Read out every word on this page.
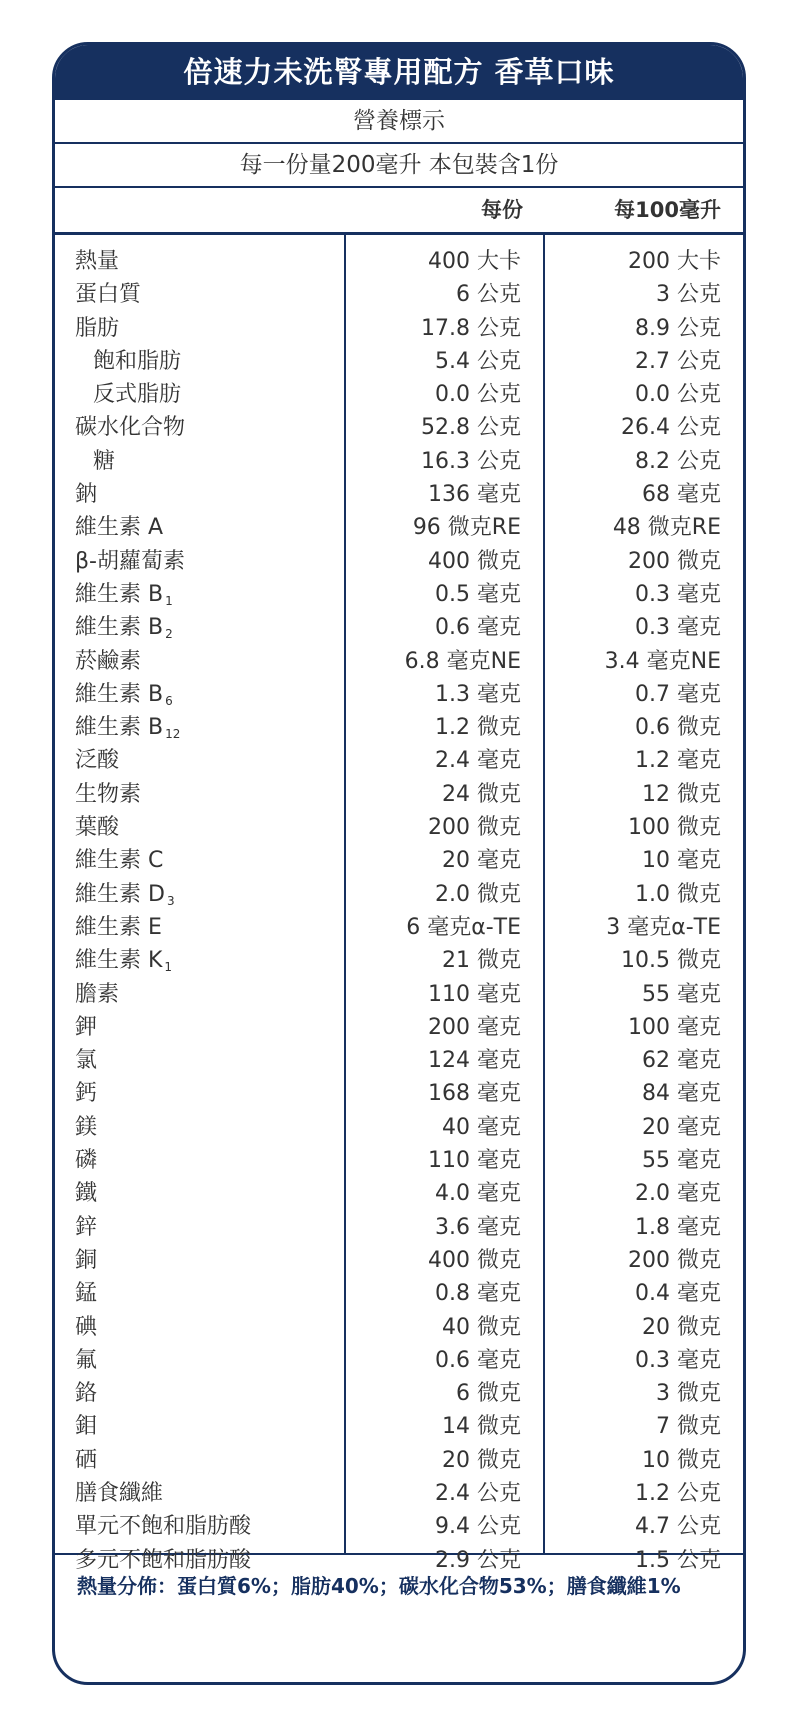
倍速力未洗腎專用配方 香草口味
營養標示
每一份量200毫升 本包裝含1份
每份	每100毫升
熱量
蛋白質
脂肪
飽和脂肪
反式脂肪
碳水化合物
糖
鈉
維生素 A
β-胡蘿蔔素
維生素 B $_1$
維生素 B $_2$
菸鹼素
維生素 B $_6$
維生素 B $_{12}$
泛酸
生物素
葉酸
維生素 C
維生素 D $_3$
維生素 E
維生素 K $_1$
膽素
鉀
氯
鈣
鎂
磷
鐵
鋅
銅
錳
碘
氟
鉻
鉬
硒
膳食纖維
單元不飽和脂肪酸
多元不飽和脂肪酸
400 大卡
6 公克
17.8 公克
5.4 公克
0.0 公克
52.8 公克
16.3 公克
136 毫克
96 微克RE
400 微克
0.5 毫克
0.6 毫克
6.8 毫克NE
1.3 毫克
1.2 微克
2.4 毫克
24 微克
200 微克
20 毫克
2.0 微克
6 毫克α-TE
21 微克
110 毫克
200 毫克
124 毫克
168 毫克
40 毫克
110 毫克
4.0 毫克
3.6 毫克
400 微克
0.8 毫克
40 微克
0.6 毫克
6 微克
14 微克
20 微克
2.4 公克
9.4 公克
2.9 公克
200 大卡
3 公克
8.9 公克
2.7 公克
0.0 公克
26.4 公克
8.2 公克
68 毫克
48 微克RE
200 微克
0.3 毫克
0.3 毫克
3.4 毫克NE
0.7 毫克
0.6 微克
1.2 毫克
12 微克
100 微克
10 毫克
1.0 微克
3 毫克α-TE
10.5 微克
55 毫克
100 毫克
62 毫克
84 毫克
20 毫克
55 毫克
2.0 毫克
1.8 毫克
200 微克
0.4 毫克
20 微克
0.3 毫克
3 微克
7 微克
10 微克
1.2 公克
4.7 公克
1.5 公克
熱量分佈：蛋白質6%；脂肪40%；碳水化合物53%；膳食纖維1%
